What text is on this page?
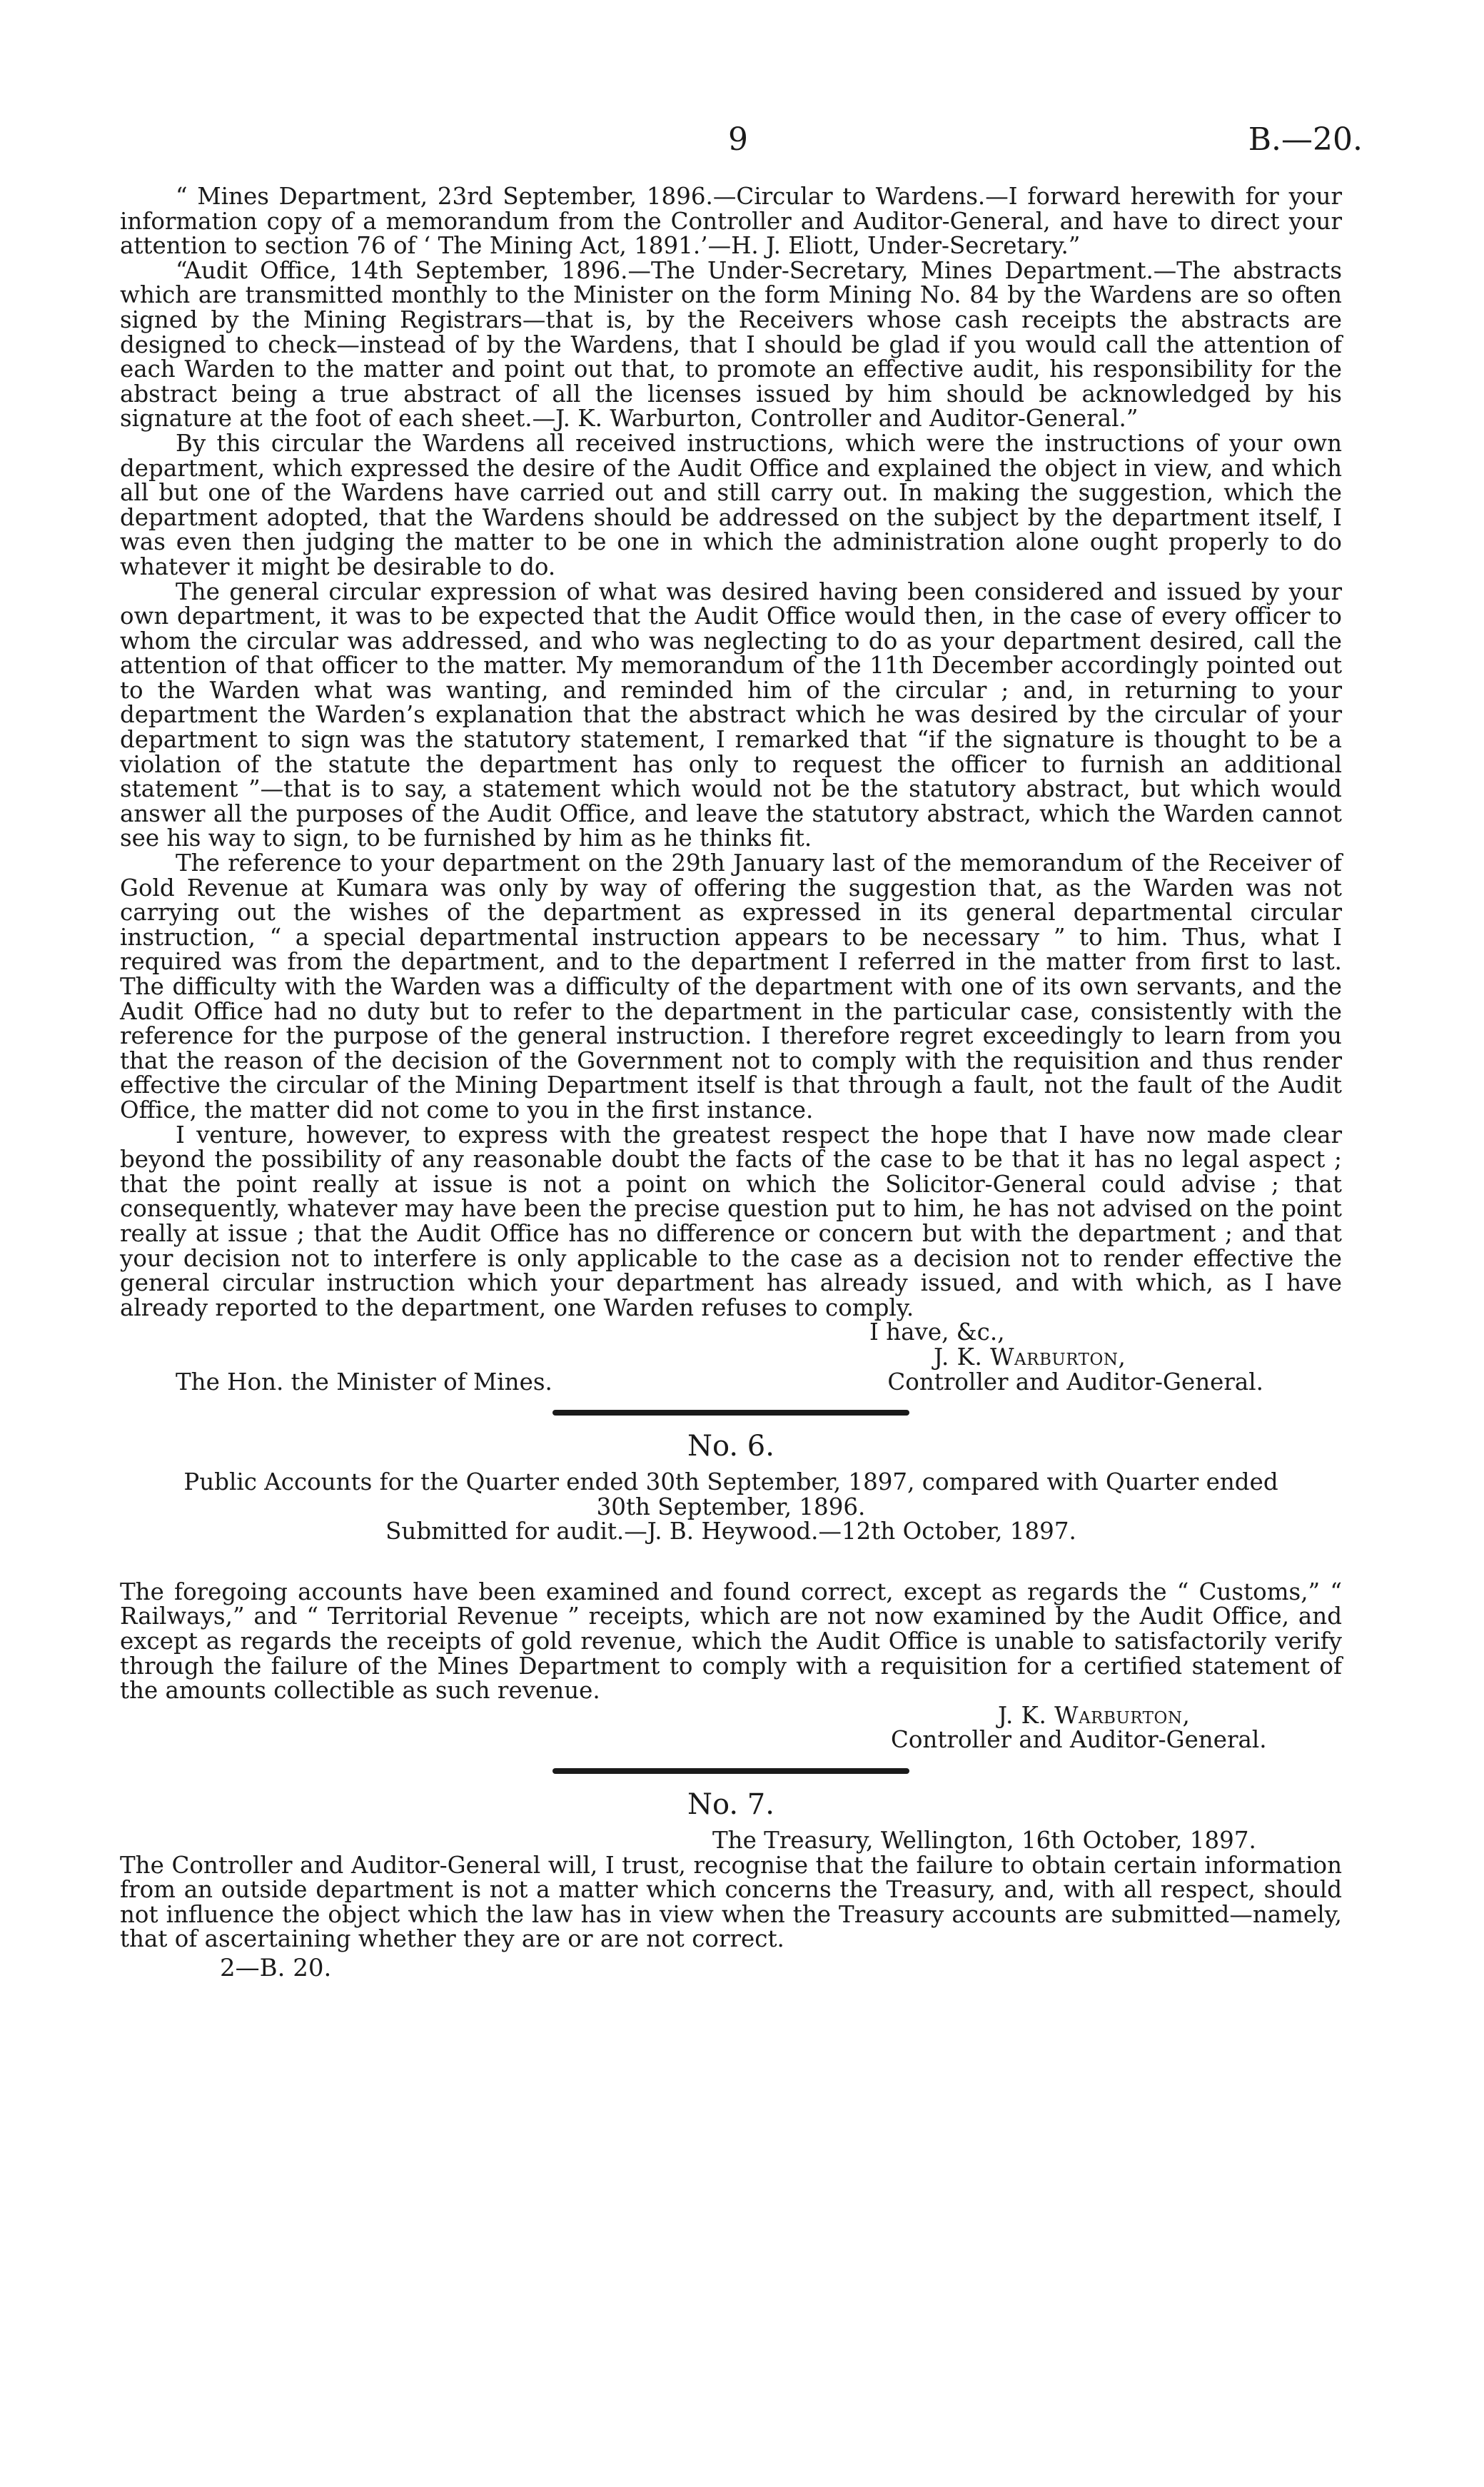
9	B.—20.

“ Mines Department, 23rd September, 1896.—Circular to Wardens.—I forward herewith for your information copy of a memorandum from the Controller and Auditor-General, and have to direct your attention to section 76 of ‘ The Mining Act, 1891.’—H. J. Eliott, Under-Secretary.”

“Audit Office, 14th September, 1896.—The Under-Secretary, Mines Department.—The abstracts which are transmitted monthly to the Minister on the form Mining No. 84 by the Wardens are so often signed by the Mining Registrars—that is, by the Receivers whose cash receipts the abstracts are designed to check—instead of by the Wardens, that I should be glad if you would call the attention of each Warden to the matter and point out that, to promote an effective audit, his responsibility for the abstract being a true abstract of all the licenses issued by him should be acknowledged by his signature at the foot of each sheet.—J. K. Warburton, Controller and Auditor-General.”

By this circular the Wardens all received instructions, which were the instructions of your own department, which expressed the desire of the Audit Office and explained the object in view, and which all but one of the Wardens have carried out and still carry out. In making the suggestion, which the department adopted, that the Wardens should be addressed on the subject by the department itself, I was even then judging the matter to be one in which the administration alone ought properly to do whatever it might be desirable to do.

The general circular expression of what was desired having been considered and issued by your own department, it was to be expected that the Audit Office would then, in the case of every officer to whom the circular was addressed, and who was neglecting to do as your department desired, call the attention of that officer to the matter. My memorandum of the 11th December accordingly pointed out to the Warden what was wanting, and reminded him of the circular ; and, in returning to your department the Warden’s explanation that the abstract which he was desired by the circular of your department to sign was the statutory statement, I remarked that “if the signature is thought to be a violation of the statute the department has only to request the officer to furnish an additional statement ”—that is to say, a statement which would not be the statutory abstract, but which would answer all the purposes of the Audit Office, and leave the statutory abstract, which the Warden cannot see his way to sign, to be furnished by him as he thinks fit.

The reference to your department on the 29th January last of the memorandum of the Receiver of Gold Revenue at Kumara was only by way of offering the suggestion that, as the Warden was not carrying out the wishes of the department as expressed in its general departmental circular instruction, “ a special departmental instruction appears to be necessary ” to him. Thus, what I required was from the department, and to the department I referred in the matter from first to last. The difficulty with the Warden was a difficulty of the department with one of its own servants, and the Audit Office had no duty but to refer to the department in the particular case, consistently with the reference for the purpose of the general instruction. I therefore regret exceedingly to learn from you that the reason of the decision of the Government not to comply with the requisition and thus render effective the circular of the Mining Department itself is that through a fault, not the fault of the Audit Office, the matter did not come to you in the first instance.

I venture, however, to express with the greatest respect the hope that I have now made clear beyond the possibility of any reasonable doubt the facts of the case to be that it has no legal aspect ; that the point really at issue is not a point on which the Solicitor-General could advise ; that consequently, whatever may have been the precise question put to him, he has not advised on the point really at issue ; that the Audit Office has no difference or concern but with the department ; and that your decision not to interfere is only applicable to the case as a decision not to render effective the general circular instruction which your department has already issued, and with which, as I have already reported to the department, one Warden refuses to comply.

I have, &c.,
J. K. Warburton,
The Hon. the Minister of Mines.	Controller and Auditor-General.
No. 6.
Public Accounts for the Quarter ended 30th September, 1897, compared with Quarter ended
30th September, 1896.
Submitted for audit.—J. B. Heywood.—12th October, 1897.

The foregoing accounts have been examined and found correct, except as regards the “ Customs,” “ Railways,” and “ Territorial Revenue ” receipts, which are not now examined by the Audit Office, and except as regards the receipts of gold revenue, which the Audit Office is unable to satisfactorily verify through the failure of the Mines Department to comply with a requisition for a certified statement of the amounts collectible as such revenue.

J. K. Warburton,
Controller and Auditor-General.
No. 7.
The Treasury, Wellington, 16th October, 1897.

The Controller and Auditor-General will, I trust, recognise that the failure to obtain certain information from an outside department is not a matter which concerns the Treasury, and, with all respect, should not influence the object which the law has in view when the Treasury accounts are submitted—namely, that of ascertaining whether they are or are not correct.

2—B. 20.
